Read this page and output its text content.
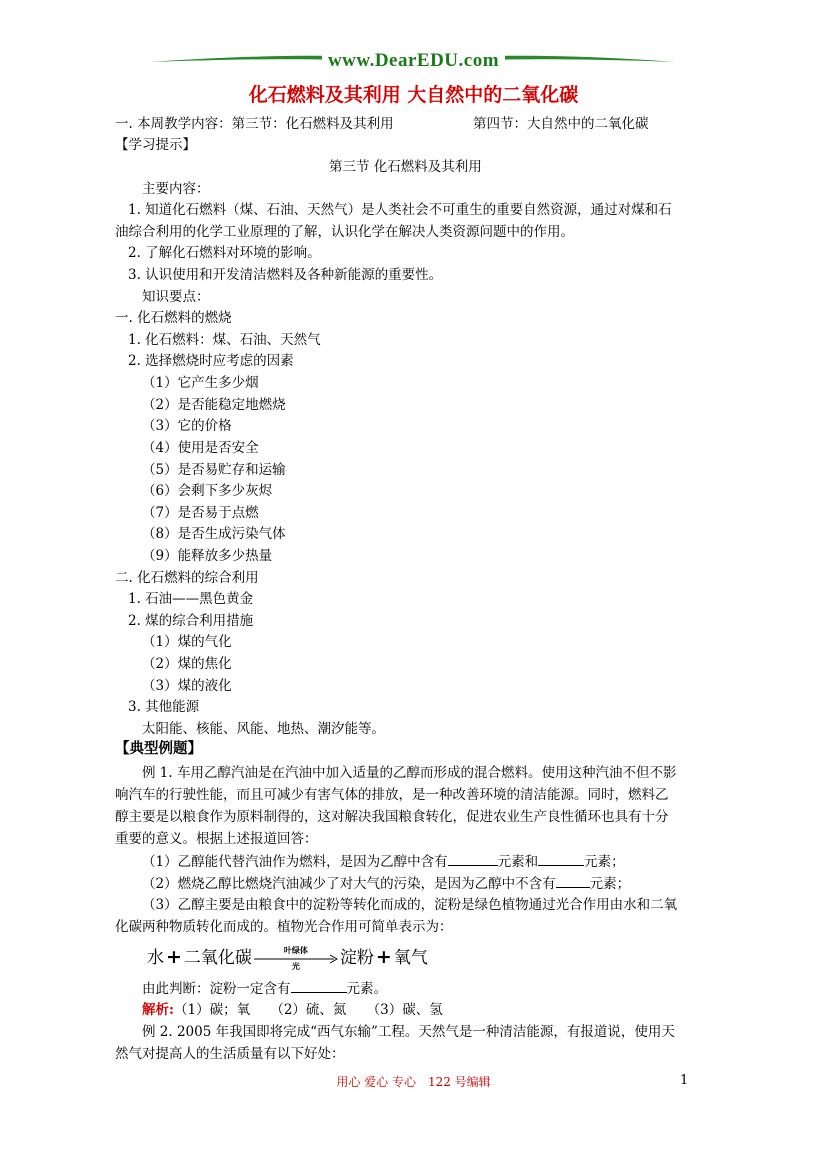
www.DearEDU.com
化石燃料及其利用 大自然中的二氧化碳
一. 本周教学内容：第三节：化石燃料及其利用	第四节：大自然中的二氧化碳
【学习提示】
第三节 化石燃料及其利用
主要内容：
1. 知道化石燃料（煤、石油、天然气）是人类社会不可重生的重要自然资源，通过对煤和石
油综合利用的化学工业原理的了解，认识化学在解决人类资源问题中的作用。
2. 了解化石燃料对环境的影响。
3. 认识使用和开发清洁燃料及各种新能源的重要性。
知识要点：
一. 化石燃料的燃烧
1. 化石燃料：煤、石油、天然气
2. 选择燃烧时应考虑的因素
（1）它产生多少烟
（2）是否能稳定地燃烧
（3）它的价格
（4）使用是否安全
（5）是否易贮存和运输
（6）会剩下多少灰烬
（7）是否易于点燃
（8）是否生成污染气体
（9）能释放多少热量
二. 化石燃料的综合利用
1. 石油——黑色黄金
2. 煤的综合利用措施
（1）煤的气化
（2）煤的焦化
（3）煤的液化
3. 其他能源
太阳能、核能、风能、地热、潮汐能等。
【典型例题】
例 1. 车用乙醇汽油是在汽油中加入适量的乙醇而形成的混合燃料。使用这种汽油不但不影
响汽车的行驶性能，而且可减少有害气体的排放，是一种改善环境的清洁能源。同时，燃料乙
醇主要是以粮食作为原料制得的，这对解决我国粮食转化，促进农业生产良性循环也具有十分
重要的意义。根据上述报道回答：
（1）乙醇能代替汽油作为燃料，是因为乙醇中含有	元素和	元素；
（2）燃烧乙醇比燃烧汽油减少了对大气的污染，是因为乙醇中不含有	元素；
（3）乙醇主要是由粮食中的淀粉等转化而成的，淀粉是绿色植物通过光合作用由水和二氧
化碳两种物质转化而成的。植物光合作用可简单表示为：
水 + 二氧化碳	叶绿体
光	淀粉 + 氧气
由此判断：淀粉一定含有	元素。
解析:（1）碳；氧　　（2）硫、氮　　（3）碳、氢
例 2. 2005 年我国即将完成“西气东输”工程。天然气是一种清洁能源，有报道说，使用天
然气对提高人的生活质量有以下好处：
用心 爱心 专心　122 号编辑	1
